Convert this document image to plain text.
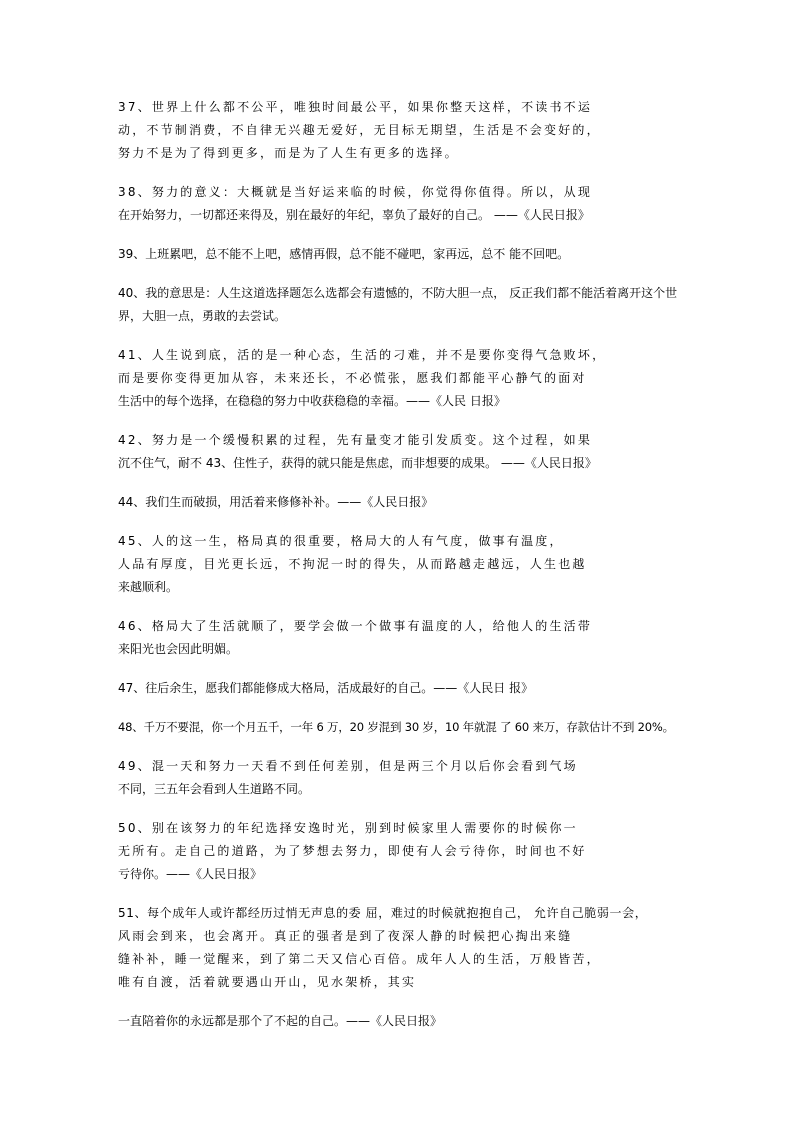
37、世界上什么都不公平，唯独时间最公平，如果你整天这样，不读书不运
动，不节制消费，不自律无兴趣无爱好，无目标无期望，生活是不会变好的，
努力不是为了得到更多，而是为了人生有更多的选择。

38、努力的意义：大概就是当好运来临的时候，你觉得你值得。所以，从现
在开始努力，一切都还来得及，别在最好的年纪，辜负了最好的自己。 ——《人民日报》

39、上班累吧，总不能不上吧，感情再假，总不能不碰吧，家再远，总不 能不回吧。

40、我的意思是：人生这道选择题怎么选都会有遗憾的，不防大胆一点， 反正我们都不能活着离开这个世
界，大胆一点，勇敢的去尝试。

41、人生说到底，活的是一种心态，生活的刁难，并不是要你变得气急败坏，
而是要你变得更加从容，未来还长，不必慌张，愿我们都能平心静气的面对
生活中的每个选择，在稳稳的努力中收获稳稳的幸福。——《人民 日报》

42、努力是一个缓慢积累的过程，先有量变才能引发质变。这个过程，如果
沉不住气，耐不 43、住性子，获得的就只能是焦虑，而非想要的成果。 ——《人民日报》

44、我们生而破损，用活着来修修补补。——《人民日报》

45、人的这一生，格局真的很重要，格局大的人有气度，做事有温度，
人品有厚度，目光更长远，不拘泥一时的得失，从而路越走越远，人生也越
来越顺利。

46、格局大了生活就顺了，要学会做一个做事有温度的人，给他人的生活带
来阳光也会因此明媚。

47、往后余生，愿我们都能修成大格局，活成最好的自己。——《人民日 报》

48、千万不要混，你一个月五千，一年 6 万，20 岁混到 30 岁，10 年就混 了 60 来万，存款估计不到 20%。

49、混一天和努力一天看不到任何差别，但是两三个月以后你会看到气场
不同，三五年会看到人生道路不同。

50、别在该努力的年纪选择安逸时光，别到时候家里人需要你的时候你一
无所有。走自己的道路，为了梦想去努力，即使有人会亏待你，时间也不好
亏待你。——《人民日报》

51、每个成年人或许都经历过悄无声息的委 屈，难过的时候就抱抱自己， 允许自己脆弱一会，
风雨会到来，也会离开。真正的强者是到了夜深人静的时候把心掏出来缝
缝补补，睡一觉醒来，到了第二天又信心百倍。成年人人的生活，万般皆苦，
唯有自渡，活着就要遇山开山，见水架桥，其实

一直陪着你的永远都是那个了不起的自己。——《人民日报》
